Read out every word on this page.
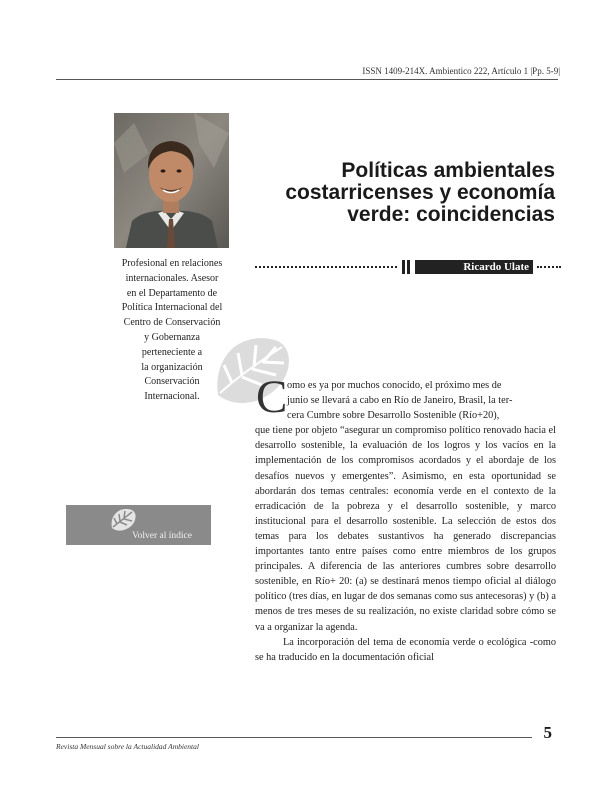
ISSN 1409-214X. Ambientico 222, Artículo 1 |Pp. 5-9|
Políticas ambientales
costarricenses y economía
verde: coincidencias
Ricardo Ulate
Profesional en relaciones
internacionales. Asesor
en el Departamento de
Política Internacional del
Centro de Conservación
y Gobernanza
perteneciente a
la organización
Conservación
Internacional.	C omo es ya por muchos conocido, el próximo mes de
junio se llevará a cabo en Río de Janeiro, Brasil, la ter-
cera Cumbre sobre Desarrollo Sostenible (Río+20),

que tiene por objeto “asegurar un compromiso político renovado hacia el desarrollo sostenible, la evaluación de los logros y los vacíos en la implementación de los compromisos acordados y el abordaje de los desafíos nuevos y emergentes”. Asimismo, en esta oportunidad se abordarán dos temas centrales: economía verde en el contexto de la erradicación de la pobreza y el desarrollo sostenible, y marco institucional para el desarrollo sostenible. La selección de estos dos temas para los debates sustantivos ha generado discrepancias importantes tanto entre países como entre miembros de los grupos principales. A diferencia de las anteriores cumbres sobre desarrollo sostenible, en Río+ 20: (a) se destinará menos tiempo oficial al diálogo político (tres días, en lugar de dos semanas como sus antecesoras) y (b) a menos de tres meses de su realización, no existe claridad sobre cómo se va a organizar la agenda.

La incorporación del tema de economía verde o ecológica -como se ha traducido en la documentación oficial

Volver al índice
Revista Mensual sobre la Actualidad Ambiental
5
